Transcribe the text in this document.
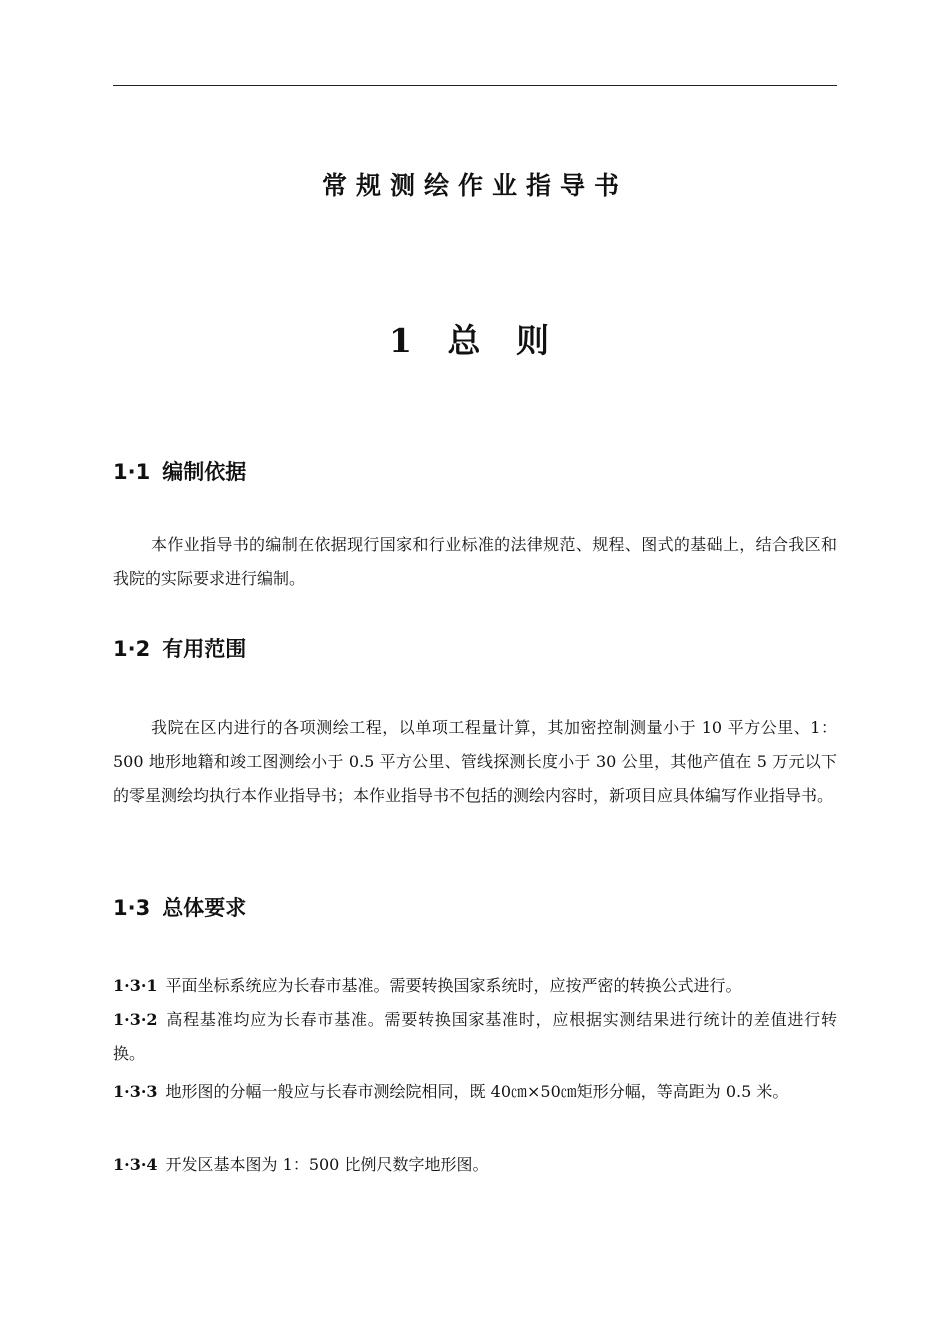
常规测绘作业指导书
1 总 则
1·1 编制依据
本作业指导书的编制在依据现行国家和行业标准的法律规范、规程、图式的基础上，结合我区和我院的实际要求进行编制。
1·2 有用范围
我院在区内进行的各项测绘工程，以单项工程量计算，其加密控制测量小于 10 平方公里、1：500 地形地籍和竣工图测绘小于 0.5 平方公里、管线探测长度小于 30 公里，其他产值在 5 万元以下的零星测绘均执行本作业指导书；本作业指导书不包括的测绘内容时，新项目应具体编写作业指导书。
1·3 总体要求
1·3·1 平面坐标系统应为长春市基准。需要转换国家系统时，应按严密的转换公式进行。
1·3·2 高程基准均应为长春市基准。需要转换国家基准时，应根据实测结果进行统计的差值进行转换。
1·3·3 地形图的分幅一般应与长春市测绘院相同，既 40㎝×50㎝矩形分幅，等高距为 0.5 米。
1·3·4 开发区基本图为 1：500 比例尺数字地形图。
